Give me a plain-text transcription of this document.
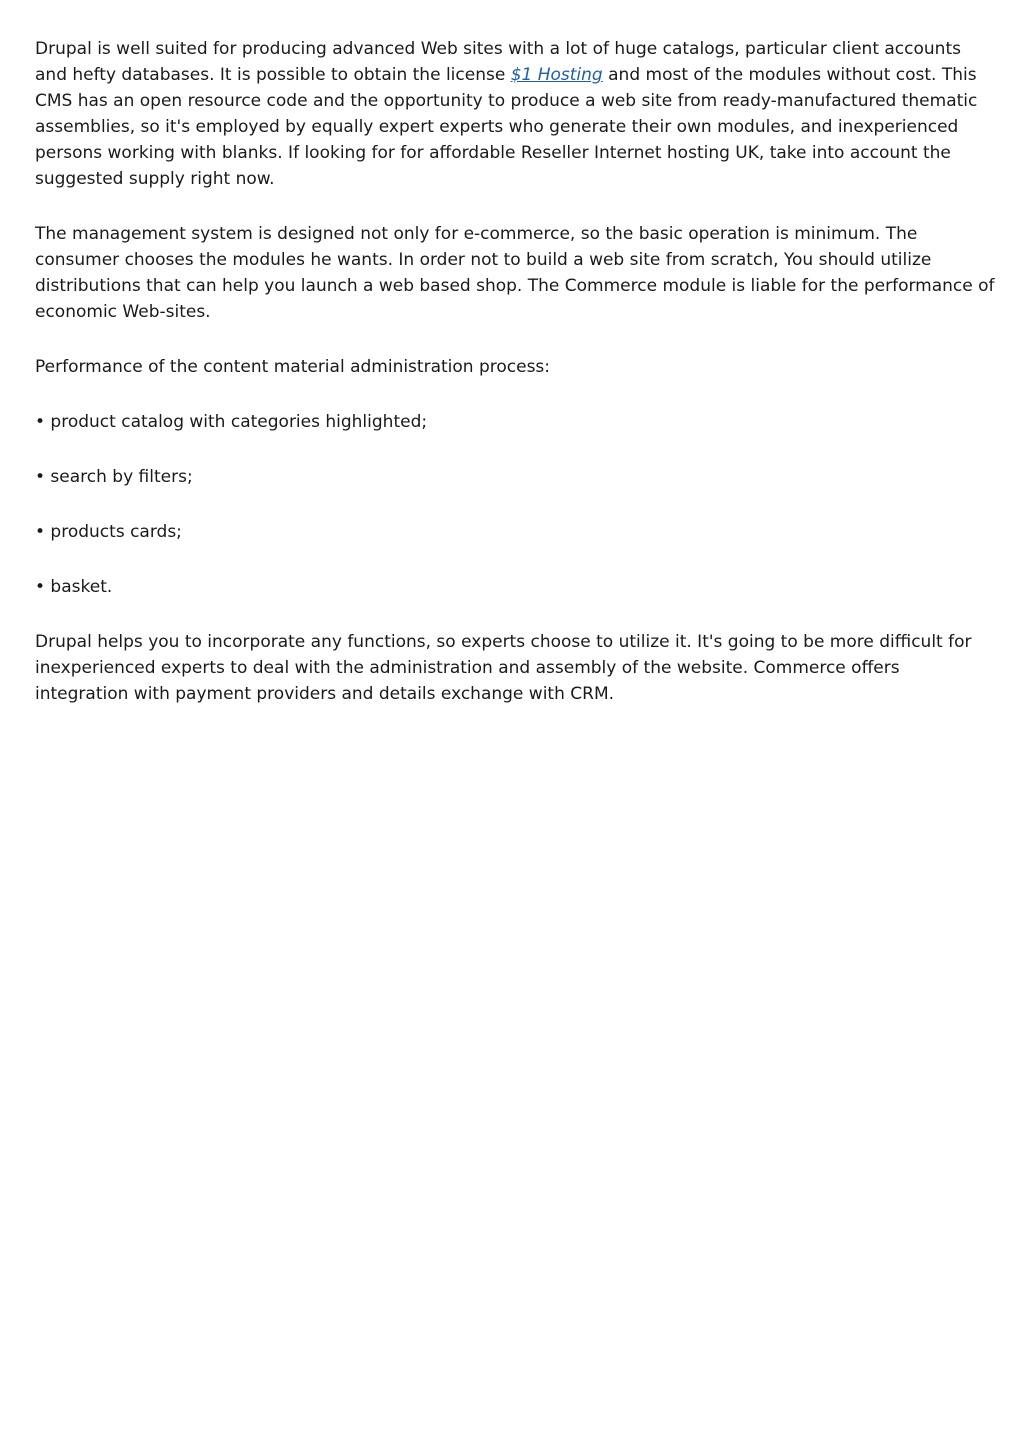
Drupal is well suited for producing advanced Web sites with a lot of huge catalogs, particular client accounts and hefty databases. It is possible to obtain the license $1 Hosting and most of the modules without cost. This CMS has an open resource code and the opportunity to produce a web site from ready-manufactured thematic assemblies, so it's employed by equally expert experts who generate their own modules, and inexperienced persons working with blanks. If looking for for affordable Reseller Internet hosting UK, take into account the suggested supply right now.

The management system is designed not only for e-commerce, so the basic operation is minimum. The consumer chooses the modules he wants. In order not to build a web site from scratch, You should utilize distributions that can help you launch a web based shop. The Commerce module is liable for the performance of economic Web-sites.

Performance of the content material administration process:

• product catalog with categories highlighted;
• search by filters;
• products cards;
• basket.

Drupal helps you to incorporate any functions, so experts choose to utilize it. It's going to be more difficult for inexperienced experts to deal with the administration and assembly of the website. Commerce offers integration with payment providers and details exchange with CRM.
